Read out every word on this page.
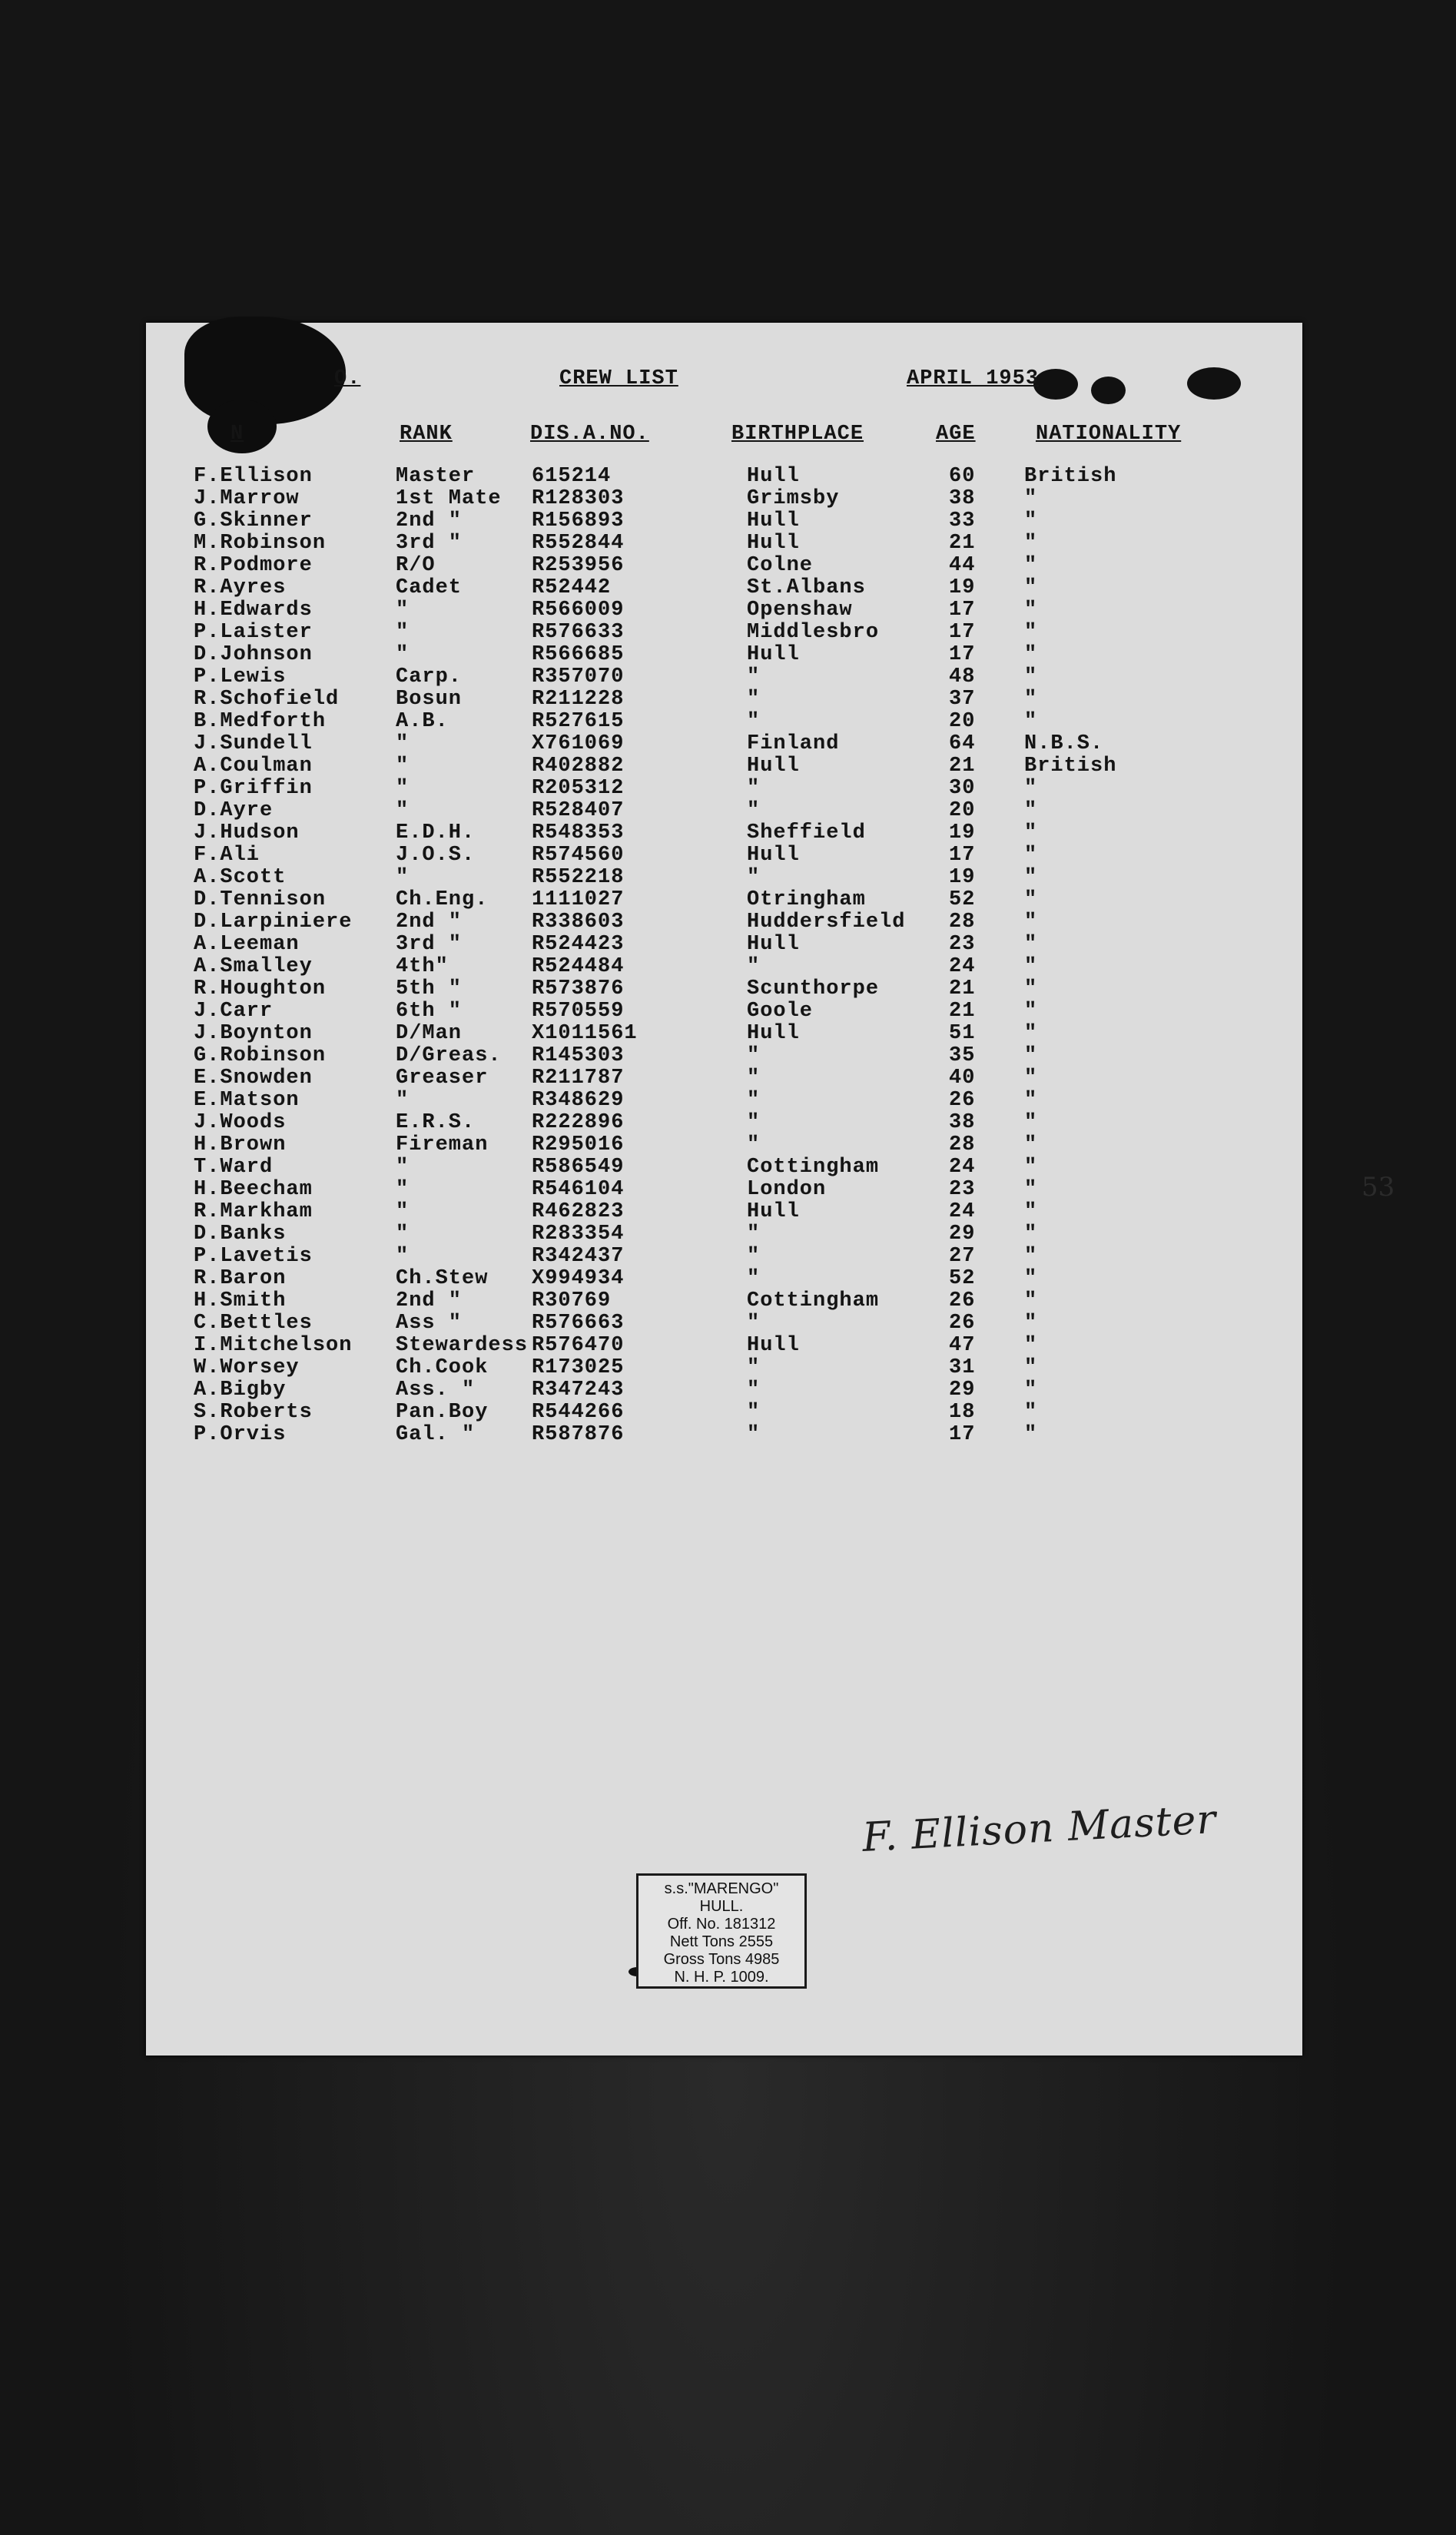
O.	CREW LIST	APRIL 1953
N	RANK	DIS.A.NO.	BIRTHPLACE	AGE	NATIONALITY
F.Ellison	Master	615214	Hull	60 British
J.Marrow	1st Mate R128303	Grimsby	38 "
G.Skinner	2nd "	R156893	Hull	33 "
M.Robinson	3rd "	R552844	Hull	21 "
R.Podmore	R/O	R253956	Colne	44 "
R.Ayres	Cadet	R52442	St.Albans	19 "
H.Edwards	"	R566009	Openshaw	17 "
P.Laister	"	R576633	Middlesbro	17 "
D.Johnson	"	R566685	Hull	17 "
P.Lewis	Carp.	R357070	"	48 "
R.Schofield	Bosun	R211228	"	37 "
B.Medforth	A.B.	R527615	"	20 "
J.Sundell	"	X761069	Finland	64 N.B.S.
A.Coulman	"	R402882	Hull	21 British
P.Griffin	"	R205312	"	30 "
D.Ayre	"	R528407	"	20 "
J.Hudson	E.D.H.	R548353	Sheffield	19 "
F.Ali	J.O.S.	R574560	Hull	17 "
A.Scott	"	R552218	"	19 "
D.Tennison	Ch.Eng. 1111027	Otringham	52 "
D.Larpiniere 2nd "	R338603	Huddersfield 28 "
A.Leeman	3rd "	R524423	Hull	23 "
A.Smalley	4th"	R524484	"	24 "
R.Houghton	5th "	R573876	Scunthorpe	21 "
J.Carr	6th "	R570559	Goole	21 "
J.Boynton	D/Man	X1011561	Hull	51 "
G.Robinson	D/Greas. R145303	"	35 "
E.Snowden	Greaser R211787	"	40 "
E.Matson	"	R348629	"	26 "
J.Woods	E.R.S.	R222896	"	38 "
H.Brown	Fireman R295016	"	28 "
T.Ward	"	R586549	Cottingham	24 "
H.Beecham	"	R546104	London	23 "
R.Markham	"	R462823	Hull	24 "
D.Banks	"	R283354	"	29 "
P.Lavetis	"	R342437	"	27 "
R.Baron	Ch.Stew X994934	"	52 "
H.Smith	2nd "	R30769	Cottingham	26 "
C.Bettles	Ass "	R576663	"	26 "
I.Mitchelson Stewardess R576470	Hull	47 "
W.Worsey	Ch.Cook R173025	"	31 "
A.Bigby	Ass. "	R347243	"	29 "
S.Roberts	Pan.Boy R544266	"	18 "
P.Orvis	Gal. "	R587876	"	17 "
53
F. Ellison Master
s.s."MARENGO"
HULL.
Off. No. 181312
Nett Tons 2555
Gross Tons 4985
N. H. P. 1009.
